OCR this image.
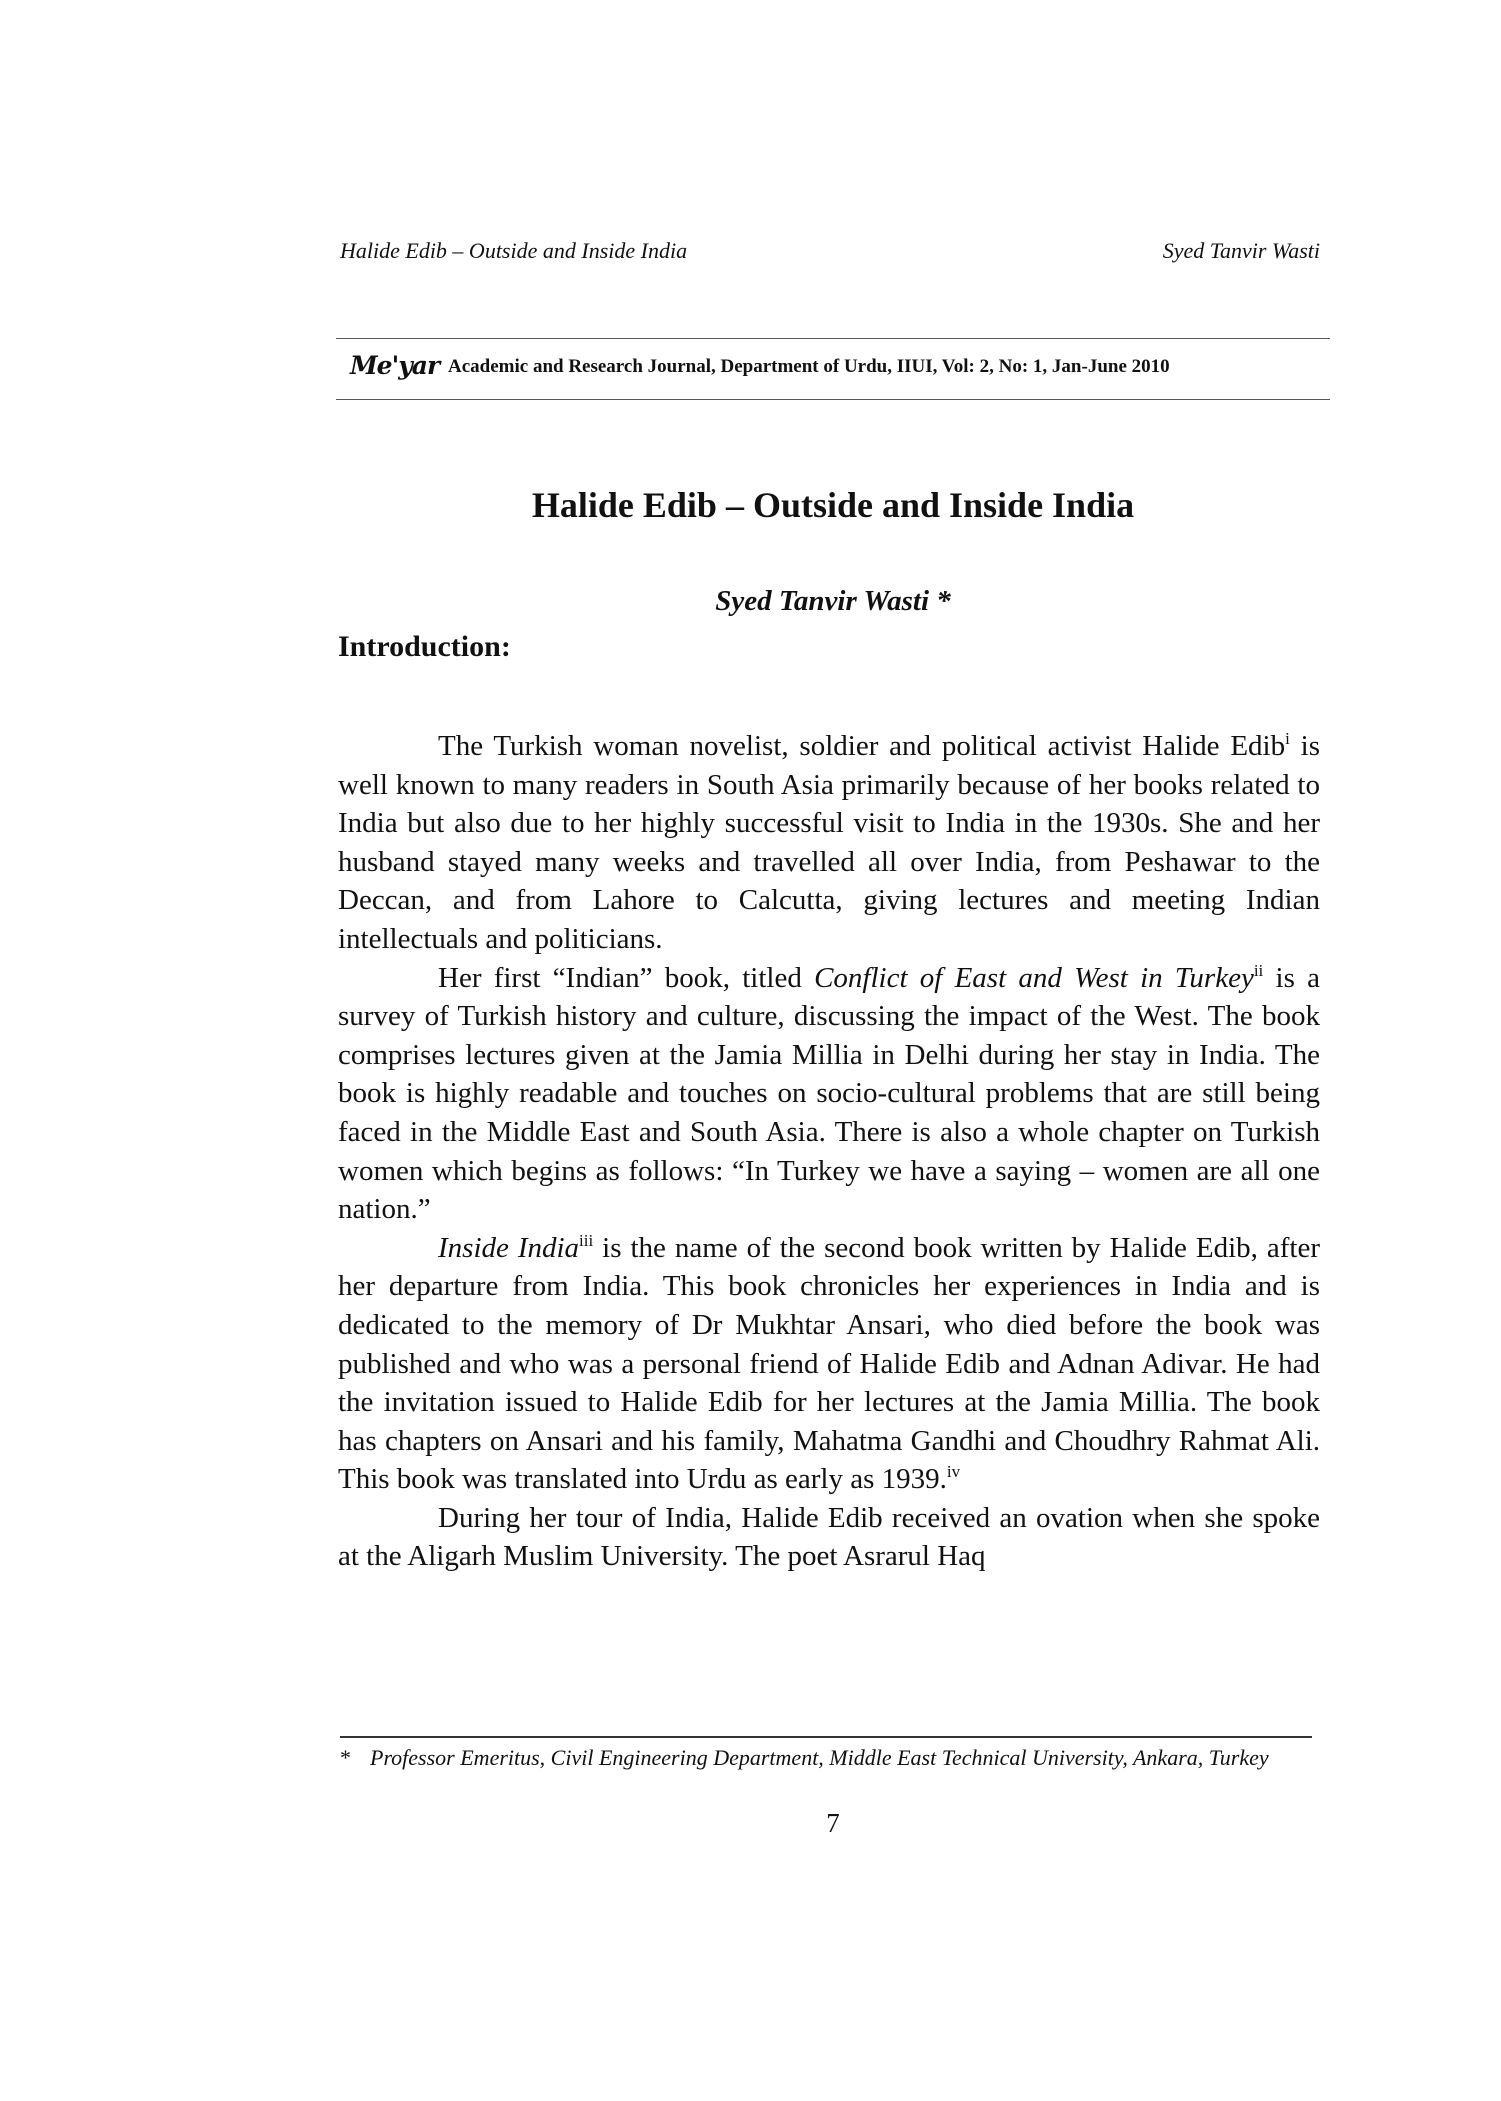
Halide Edib – Outside and Inside India	Syed Tanvir Wasti
Me'yar Academic and Research Journal, Department of Urdu, IIUI, Vol: 2, No: 1, Jan-June 2010
Halide Edib – Outside and Inside India

Syed Tanvir Wasti *

Introduction:

The Turkish woman novelist, soldier and political activist Halide Edib$^i$ is well known to many readers in South Asia primarily because of her books related to India but also due to her highly successful visit to India in the 1930s. She and her husband stayed many weeks and travelled all over India, from Peshawar to the Deccan, and from Lahore to Calcutta, giving lectures and meeting Indian intellectuals and politicians.

Her first “Indian” book, titled Conflict of East and West in Turkey$^{ii}$ is a survey of Turkish history and culture, discussing the impact of the West. The book comprises lectures given at the Jamia Millia in Delhi during her stay in India. The book is highly readable and touches on socio-cultural problems that are still being faced in the Middle East and South Asia. There is also a whole chapter on Turkish women which begins as follows: “In Turkey we have a saying – women are all one nation.”

Inside India$^{iii}$ is the name of the second book written by Halide Edib, after her departure from India. This book chronicles her experiences in India and is dedicated to the memory of Dr Mukhtar Ansari, who died before the book was published and who was a personal friend of Halide Edib and Adnan Adivar. He had the invitation issued to Halide Edib for her lectures at the Jamia Millia. The book has chapters on Ansari and his family, Mahatma Gandhi and Choudhry Rahmat Ali. This book was translated into Urdu as early as 1939.$^{iv}$

During her tour of India, Halide Edib received an ovation when she spoke at the Aligarh Muslim University. The poet Asrarul Haq

* Professor Emeritus, Civil Engineering Department, Middle East Technical University, Ankara, Turkey
7
